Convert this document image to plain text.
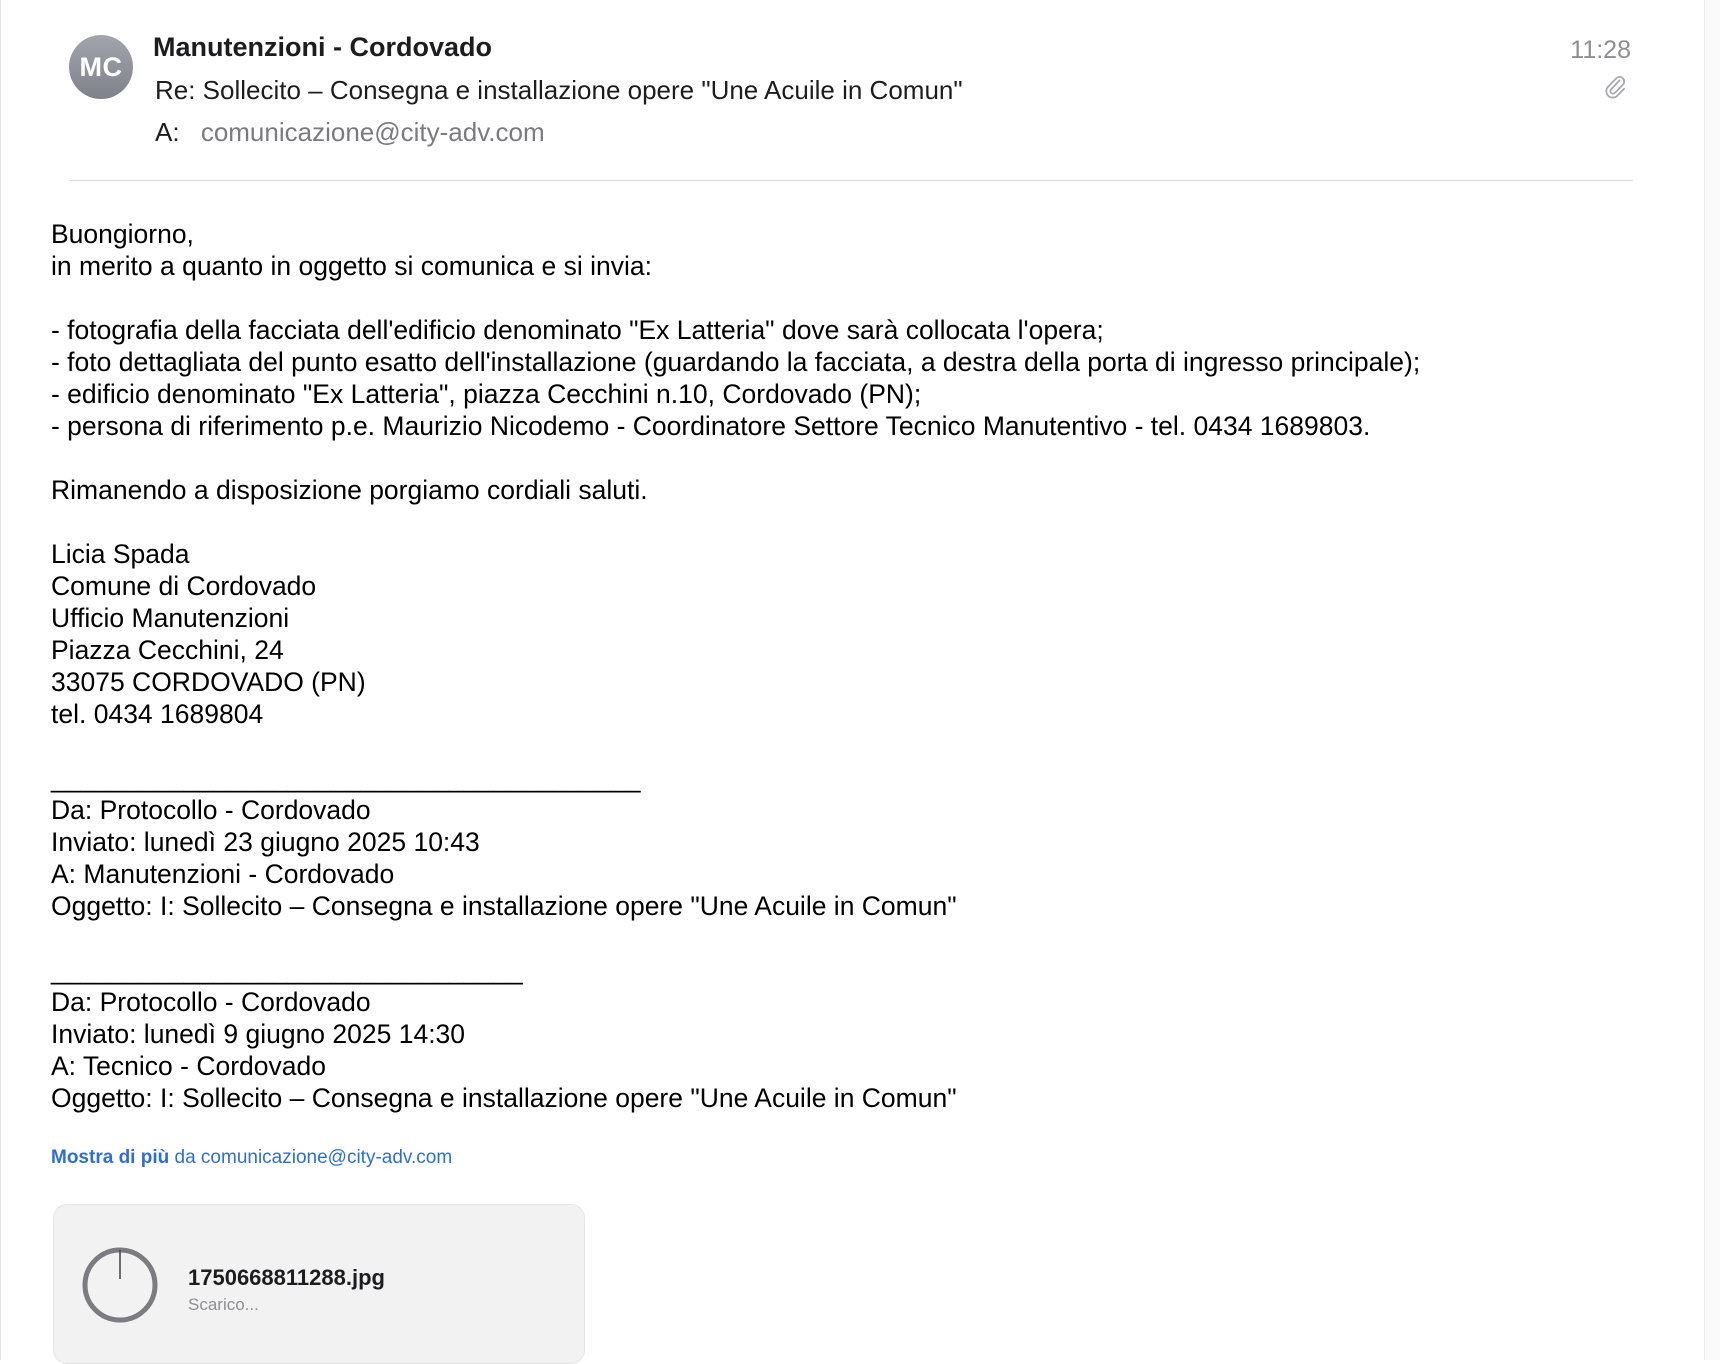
MC
Manutenzioni - Cordovado
Re: Sollecito – Consegna e installazione opere "Une Acuile in Comun"
A: comunicazione@city-adv.com
11:28
Buongiorno,
in merito a quanto in oggetto si comunica e si invia:
- fotografia della facciata dell'edificio denominato "Ex Latteria" dove sarà collocata l'opera;
- foto dettagliata del punto esatto dell'installazione (guardando la facciata, a destra della porta di ingresso principale);
- edificio denominato "Ex Latteria", piazza Cecchini n.10, Cordovado (PN);
- persona di riferimento p.e. Maurizio Nicodemo - Coordinatore Settore Tecnico Manutentivo - tel. 0434 1689803.
Rimanendo a disposizione porgiamo cordiali saluti.
Licia Spada
Comune di Cordovado
Ufficio Manutenzioni
Piazza Cecchini, 24
33075 CORDOVADO (PN)
tel. 0434 1689804
________________________________________
Da: Protocollo - Cordovado
Inviato: lunedì 23 giugno 2025 10:43
A: Manutenzioni - Cordovado
Oggetto: I: Sollecito – Consegna e installazione opere "Une Acuile in Comun"
________________________________
Da: Protocollo - Cordovado
Inviato: lunedì 9 giugno 2025 14:30
A: Tecnico - Cordovado
Oggetto: I: Sollecito – Consegna e installazione opere "Une Acuile in Comun"
Mostra di più da comunicazione@city-adv.com
1750668811288.jpg
Scarico...
